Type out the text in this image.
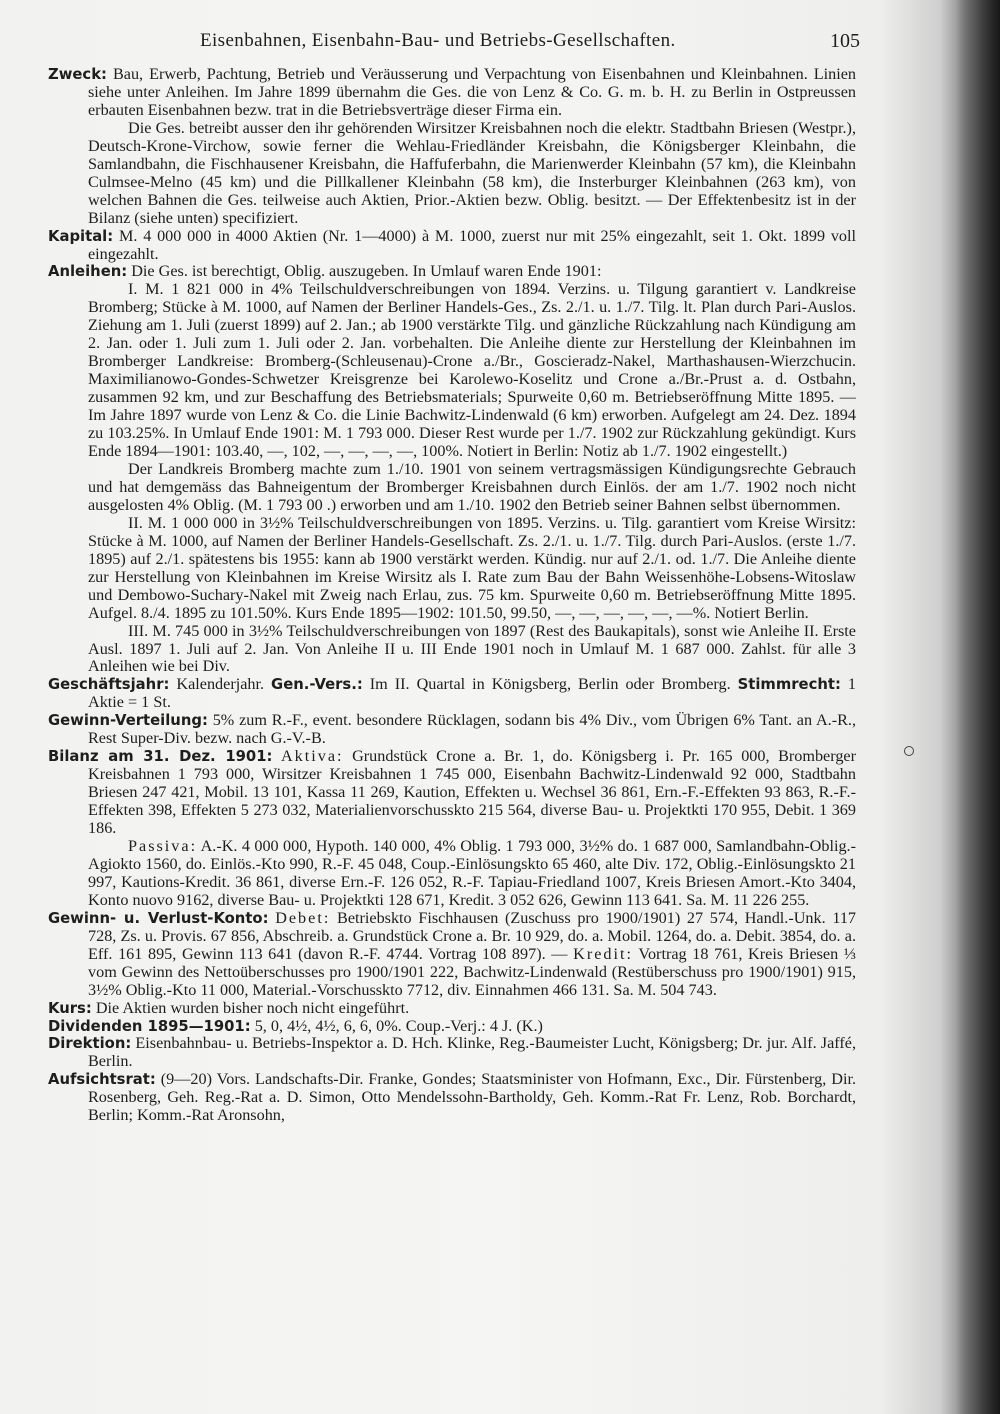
Eisenbahnen, Eisenbahn-Bau- und Betriebs-Gesellschaften.	105

Zweck: Bau, Erwerb, Pachtung, Betrieb und Veräusserung und Verpachtung von Eisenbahnen und Kleinbahnen. Linien siehe unter Anleihen. Im Jahre 1899 übernahm die Ges. die von Lenz & Co. G. m. b. H. zu Berlin in Ostpreussen erbauten Eisenbahnen bezw. trat in die Betriebsverträge dieser Firma ein.

Die Ges. betreibt ausser den ihr gehörenden Wirsitzer Kreisbahnen noch die elektr. Stadtbahn Briesen (Westpr.), Deutsch-Krone-Virchow, sowie ferner die Wehlau-Friedländer Kreisbahn, die Königsberger Kleinbahn, die Samlandbahn, die Fischhausener Kreisbahn, die Haffuferbahn, die Marienwerder Kleinbahn (57 km), die Kleinbahn Culmsee-Melno (45 km) und die Pillkallener Kleinbahn (58 km), die Insterburger Kleinbahnen (263 km), von welchen Bahnen die Ges. teilweise auch Aktien, Prior.-Aktien bezw. Oblig. besitzt. — Der Effektenbesitz ist in der Bilanz (siehe unten) specifiziert.

Kapital: M. 4 000 000 in 4000 Aktien (Nr. 1—4000) à M. 1000, zuerst nur mit 25% eingezahlt, seit 1. Okt. 1899 voll eingezahlt.

Anleihen: Die Ges. ist berechtigt, Oblig. auszugeben. In Umlauf waren Ende 1901:

I. M. 1 821 000 in 4% Teilschuldverschreibungen von 1894. Verzins. u. Tilgung garantiert v. Landkreise Bromberg; Stücke à M. 1000, auf Namen der Berliner Handels-Ges., Zs. 2./1. u. 1./7. Tilg. lt. Plan durch Pari-Auslos. Ziehung am 1. Juli (zuerst 1899) auf 2. Jan.; ab 1900 verstärkte Tilg. und gänzliche Rückzahlung nach Kündigung am 2. Jan. oder 1. Juli zum 1. Juli oder 2. Jan. vorbehalten. Die Anleihe diente zur Herstellung der Kleinbahnen im Bromberger Landkreise: Bromberg-(Schleusenau)-Crone a./Br., Goscieradz-Nakel, Marthashausen-Wierzchucin. Maximilianowo-Gondes-Schwetzer Kreisgrenze bei Karolewo-Koselitz und Crone a./Br.-Prust a. d. Ostbahn, zusammen 92 km, und zur Beschaffung des Betriebsmaterials; Spurweite 0,60 m. Betriebseröffnung Mitte 1895. — Im Jahre 1897 wurde von Lenz & Co. die Linie Bachwitz-Lindenwald (6 km) erworben. Aufgelegt am 24. Dez. 1894 zu 103.25%. In Umlauf Ende 1901: M. 1 793 000. Dieser Rest wurde per 1./7. 1902 zur Rückzahlung gekündigt. Kurs Ende 1894—1901: 103.40, —, 102, —, —, —, —, 100%. Notiert in Berlin: Notiz ab 1./7. 1902 eingestellt.)

Der Landkreis Bromberg machte zum 1./10. 1901 von seinem vertragsmässigen Kündigungsrechte Gebrauch und hat demgemäss das Bahneigentum der Bromberger Kreisbahnen durch Einlös. der am 1./7. 1902 noch nicht ausgelosten 4% Oblig. (M. 1 793 00 .) erworben und am 1./10. 1902 den Betrieb seiner Bahnen selbst übernommen.

II. M. 1 000 000 in 3½% Teilschuldverschreibungen von 1895. Verzins. u. Tilg. garantiert vom Kreise Wirsitz: Stücke à M. 1000, auf Namen der Berliner Handels-Gesellschaft. Zs. 2./1. u. 1./7. Tilg. durch Pari-Auslos. (erste 1./7. 1895) auf 2./1. spätestens bis 1955: kann ab 1900 verstärkt werden. Kündig. nur auf 2./1. od. 1./7. Die Anleihe diente zur Herstellung von Kleinbahnen im Kreise Wirsitz als I. Rate zum Bau der Bahn Weissenhöhe-Lobsens-Witoslaw und Dembowo-Suchary-Nakel mit Zweig nach Erlau, zus. 75 km. Spurweite 0,60 m. Betriebseröffnung Mitte 1895. Aufgel. 8./4. 1895 zu 101.50%. Kurs Ende 1895—1902: 101.50, 99.50, —, —, —, —, —, —%. Notiert Berlin.

III. M. 745 000 in 3½% Teilschuldverschreibungen von 1897 (Rest des Baukapitals), sonst wie Anleihe II. Erste Ausl. 1897 1. Juli auf 2. Jan. Von Anleihe II u. III Ende 1901 noch in Umlauf M. 1 687 000. Zahlst. für alle 3 Anleihen wie bei Div.

Geschäftsjahr: Kalenderjahr. Gen.-Vers.: Im II. Quartal in Königsberg, Berlin oder Bromberg. Stimmrecht: 1 Aktie = 1 St.

Gewinn-Verteilung: 5% zum R.-F., event. besondere Rücklagen, sodann bis 4% Div., vom Übrigen 6% Tant. an A.-R., Rest Super-Div. bezw. nach G.-V.-B.

Bilanz am 31. Dez. 1901: Aktiva: Grundstück Crone a. Br. 1, do. Königsberg i. Pr. 165 000, Bromberger Kreisbahnen 1 793 000, Wirsitzer Kreisbahnen 1 745 000, Eisenbahn Bachwitz-Lindenwald 92 000, Stadtbahn Briesen 247 421, Mobil. 13 101, Kassa 11 269, Kaution, Effekten u. Wechsel 36 861, Ern.-F.-Effekten 93 863, R.-F.-Effekten 398, Effekten 5 273 032, Materialienvorschusskto 215 564, diverse Bau- u. Projektkti 170 955, Debit. 1 369 186.

Passiva: A.-K. 4 000 000, Hypoth. 140 000, 4% Oblig. 1 793 000, 3½% do. 1 687 000, Samlandbahn-Oblig.-Agiokto 1560, do. Einlös.-Kto 990, R.-F. 45 048, Coup.-Einlösungskto 65 460, alte Div. 172, Oblig.-Einlösungskto 21 997, Kautions-Kredit. 36 861, diverse Ern.-F. 126 052, R.-F. Tapiau-Friedland 1007, Kreis Briesen Amort.-Kto 3404, Konto nuovo 9162, diverse Bau- u. Projektkti 128 671, Kredit. 3 052 626, Gewinn 113 641. Sa. M. 11 226 255.

Gewinn- u. Verlust-Konto: Debet: Betriebskto Fischhausen (Zuschuss pro 1900/1901) 27 574, Handl.-Unk. 117 728, Zs. u. Provis. 67 856, Abschreib. a. Grundstück Crone a. Br. 10 929, do. a. Mobil. 1264, do. a. Debit. 3854, do. a. Eff. 161 895, Gewinn 113 641 (davon R.-F. 4744. Vortrag 108 897). — Kredit: Vortrag 18 761, Kreis Briesen ⅓ vom Gewinn des Nettoüberschusses pro 1900/1901 222, Bachwitz-Lindenwald (Restüberschuss pro 1900/1901) 915, 3½% Oblig.-Kto 11 000, Material.-Vorschusskto 7712, div. Einnahmen 466 131. Sa. M. 504 743.

Kurs: Die Aktien wurden bisher noch nicht eingeführt.

Dividenden 1895—1901: 5, 0, 4½, 4½, 6, 6, 0%. Coup.-Verj.: 4 J. (K.)

Direktion: Eisenbahnbau- u. Betriebs-Inspektor a. D. Hch. Klinke, Reg.-Baumeister Lucht, Königsberg; Dr. jur. Alf. Jaffé, Berlin.

Aufsichtsrat: (9—20) Vors. Landschafts-Dir. Franke, Gondes; Staatsminister von Hofmann, Exc., Dir. Fürstenberg, Dir. Rosenberg, Geh. Reg.-Rat a. D. Simon, Otto Mendelssohn-Bartholdy, Geh. Komm.-Rat Fr. Lenz, Rob. Borchardt, Berlin; Komm.-Rat Aronsohn,
